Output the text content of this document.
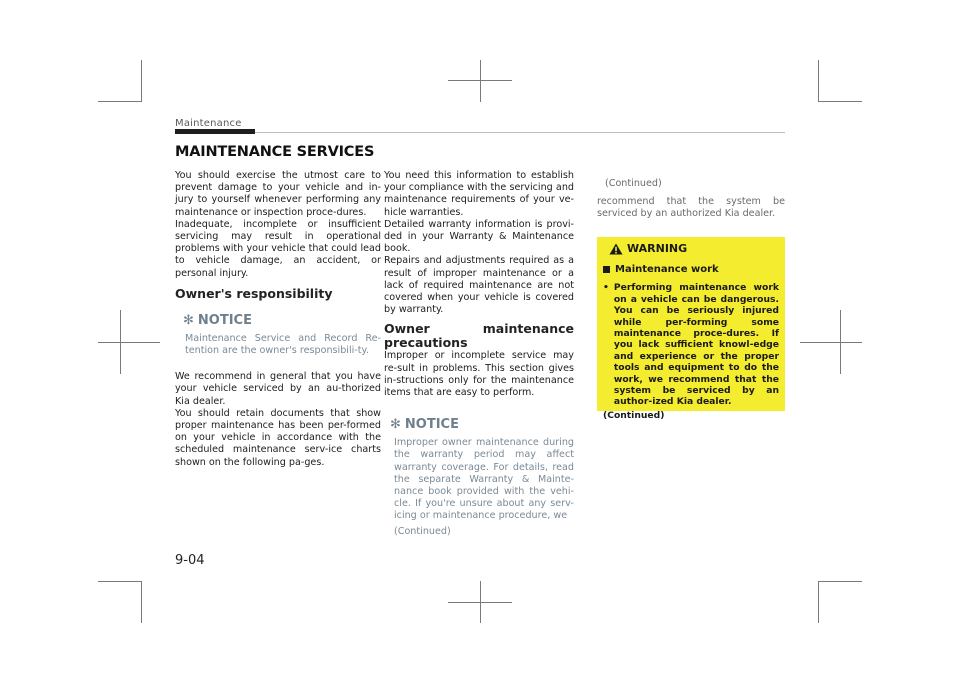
Maintenance
MAINTENANCE SERVICES

You should exercise the utmost care to prevent damage to your vehicle and in-jury to yourself whenever performing any maintenance or inspection proce-dures.

Inadequate, incomplete or insufficient servicing may result in operational problems with your vehicle that could lead to vehicle damage, an accident, or personal injury.

Owner's responsibility
✻ NOTICE

Maintenance Service and Record Re-tention are the owner's responsibili-ty.

We recommend in general that you have your vehicle serviced by an au-thorized Kia dealer.

You should retain documents that show proper maintenance has been per-formed on your vehicle in accordance with the scheduled maintenance serv-ice charts shown on the following pa-ges.

You need this information to establish your compliance with the servicing and maintenance requirements of your ve-hicle warranties.

Detailed warranty information is provi-ded in your Warranty & Maintenance book.

Repairs and adjustments required as a result of improper maintenance or a lack of required maintenance are not covered when your vehicle is covered by warranty.

Owner maintenance precautions

Improper or incomplete service may re-sult in problems. This section gives in-structions only for the maintenance items that are easy to perform.

✻ NOTICE

Improper owner maintenance during the warranty period may affect warranty coverage. For details, read the separate Warranty & Mainte-nance book provided with the vehi-cle. If you're unsure about any serv-icing or maintenance procedure, we

(Continued)

(Continued)

recommend that the system be serviced by an authorized Kia dealer.

WARNING
Maintenance work
• Performing maintenance work on a vehicle can be dangerous. You can be seriously injured while per-forming some maintenance proce-dures. If you lack sufficient knowl-edge and experience or the proper tools and equipment to do the work, we recommend that the system be serviced by an author-ized Kia dealer.
(Continued)
9-04
